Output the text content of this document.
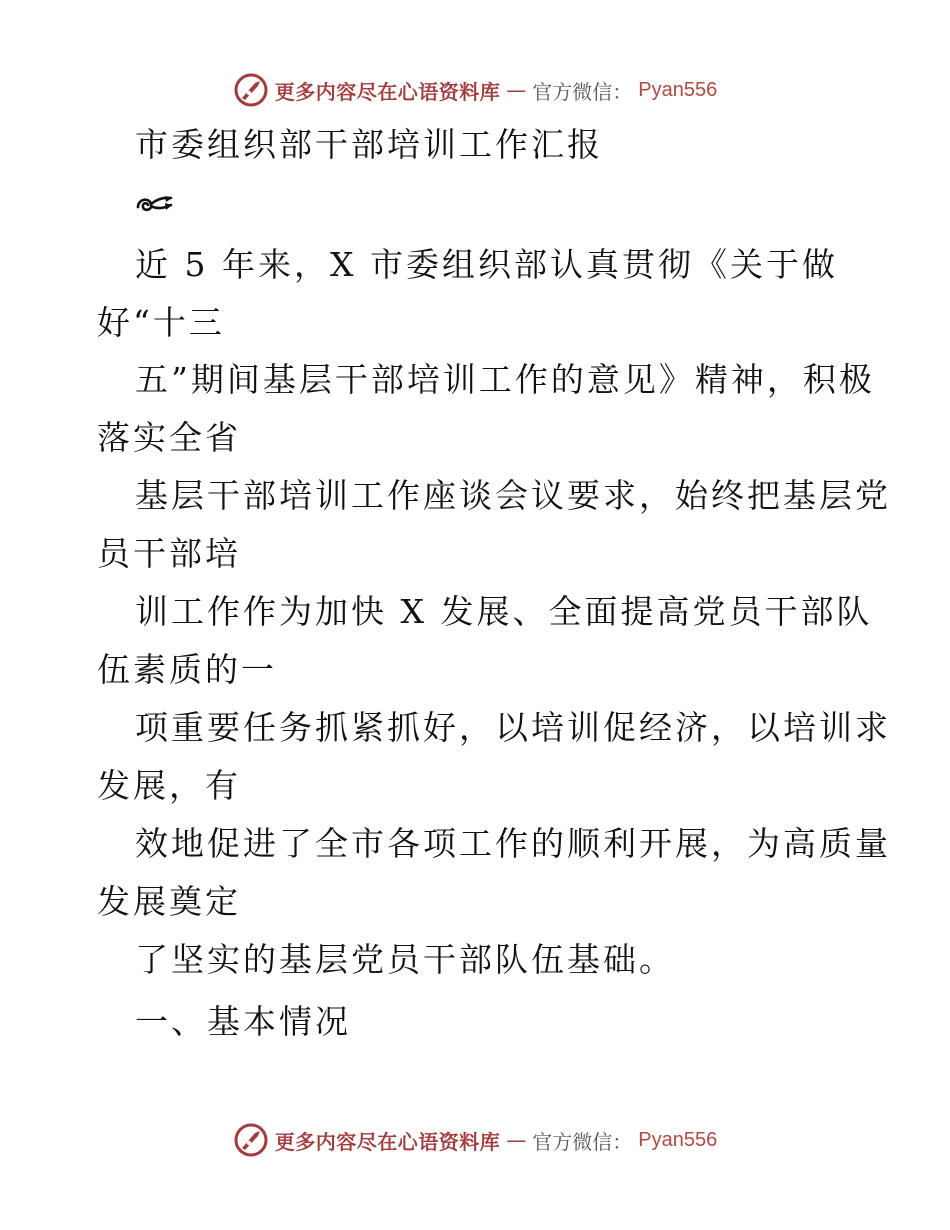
更多内容尽在心语资料库 — 官方微信： Pyan556
市委组织部干部培训工作汇报
近 5 年来，X 市委组织部认真贯彻《关于做
好“十三
五”期间基层干部培训工作的意见》精神，积极
落实全省
基层干部培训工作座谈会议要求，始终把基层党
员干部培
训工作作为加快 X 发展、全面提高党员干部队
伍素质的一
项重要任务抓紧抓好，以培训促经济，以培训求
发展，有
效地促进了全市各项工作的顺利开展，为高质量
发展奠定
了坚实的基层党员干部队伍基础。
一、基本情况
更多内容尽在心语资料库 — 官方微信： Pyan556
